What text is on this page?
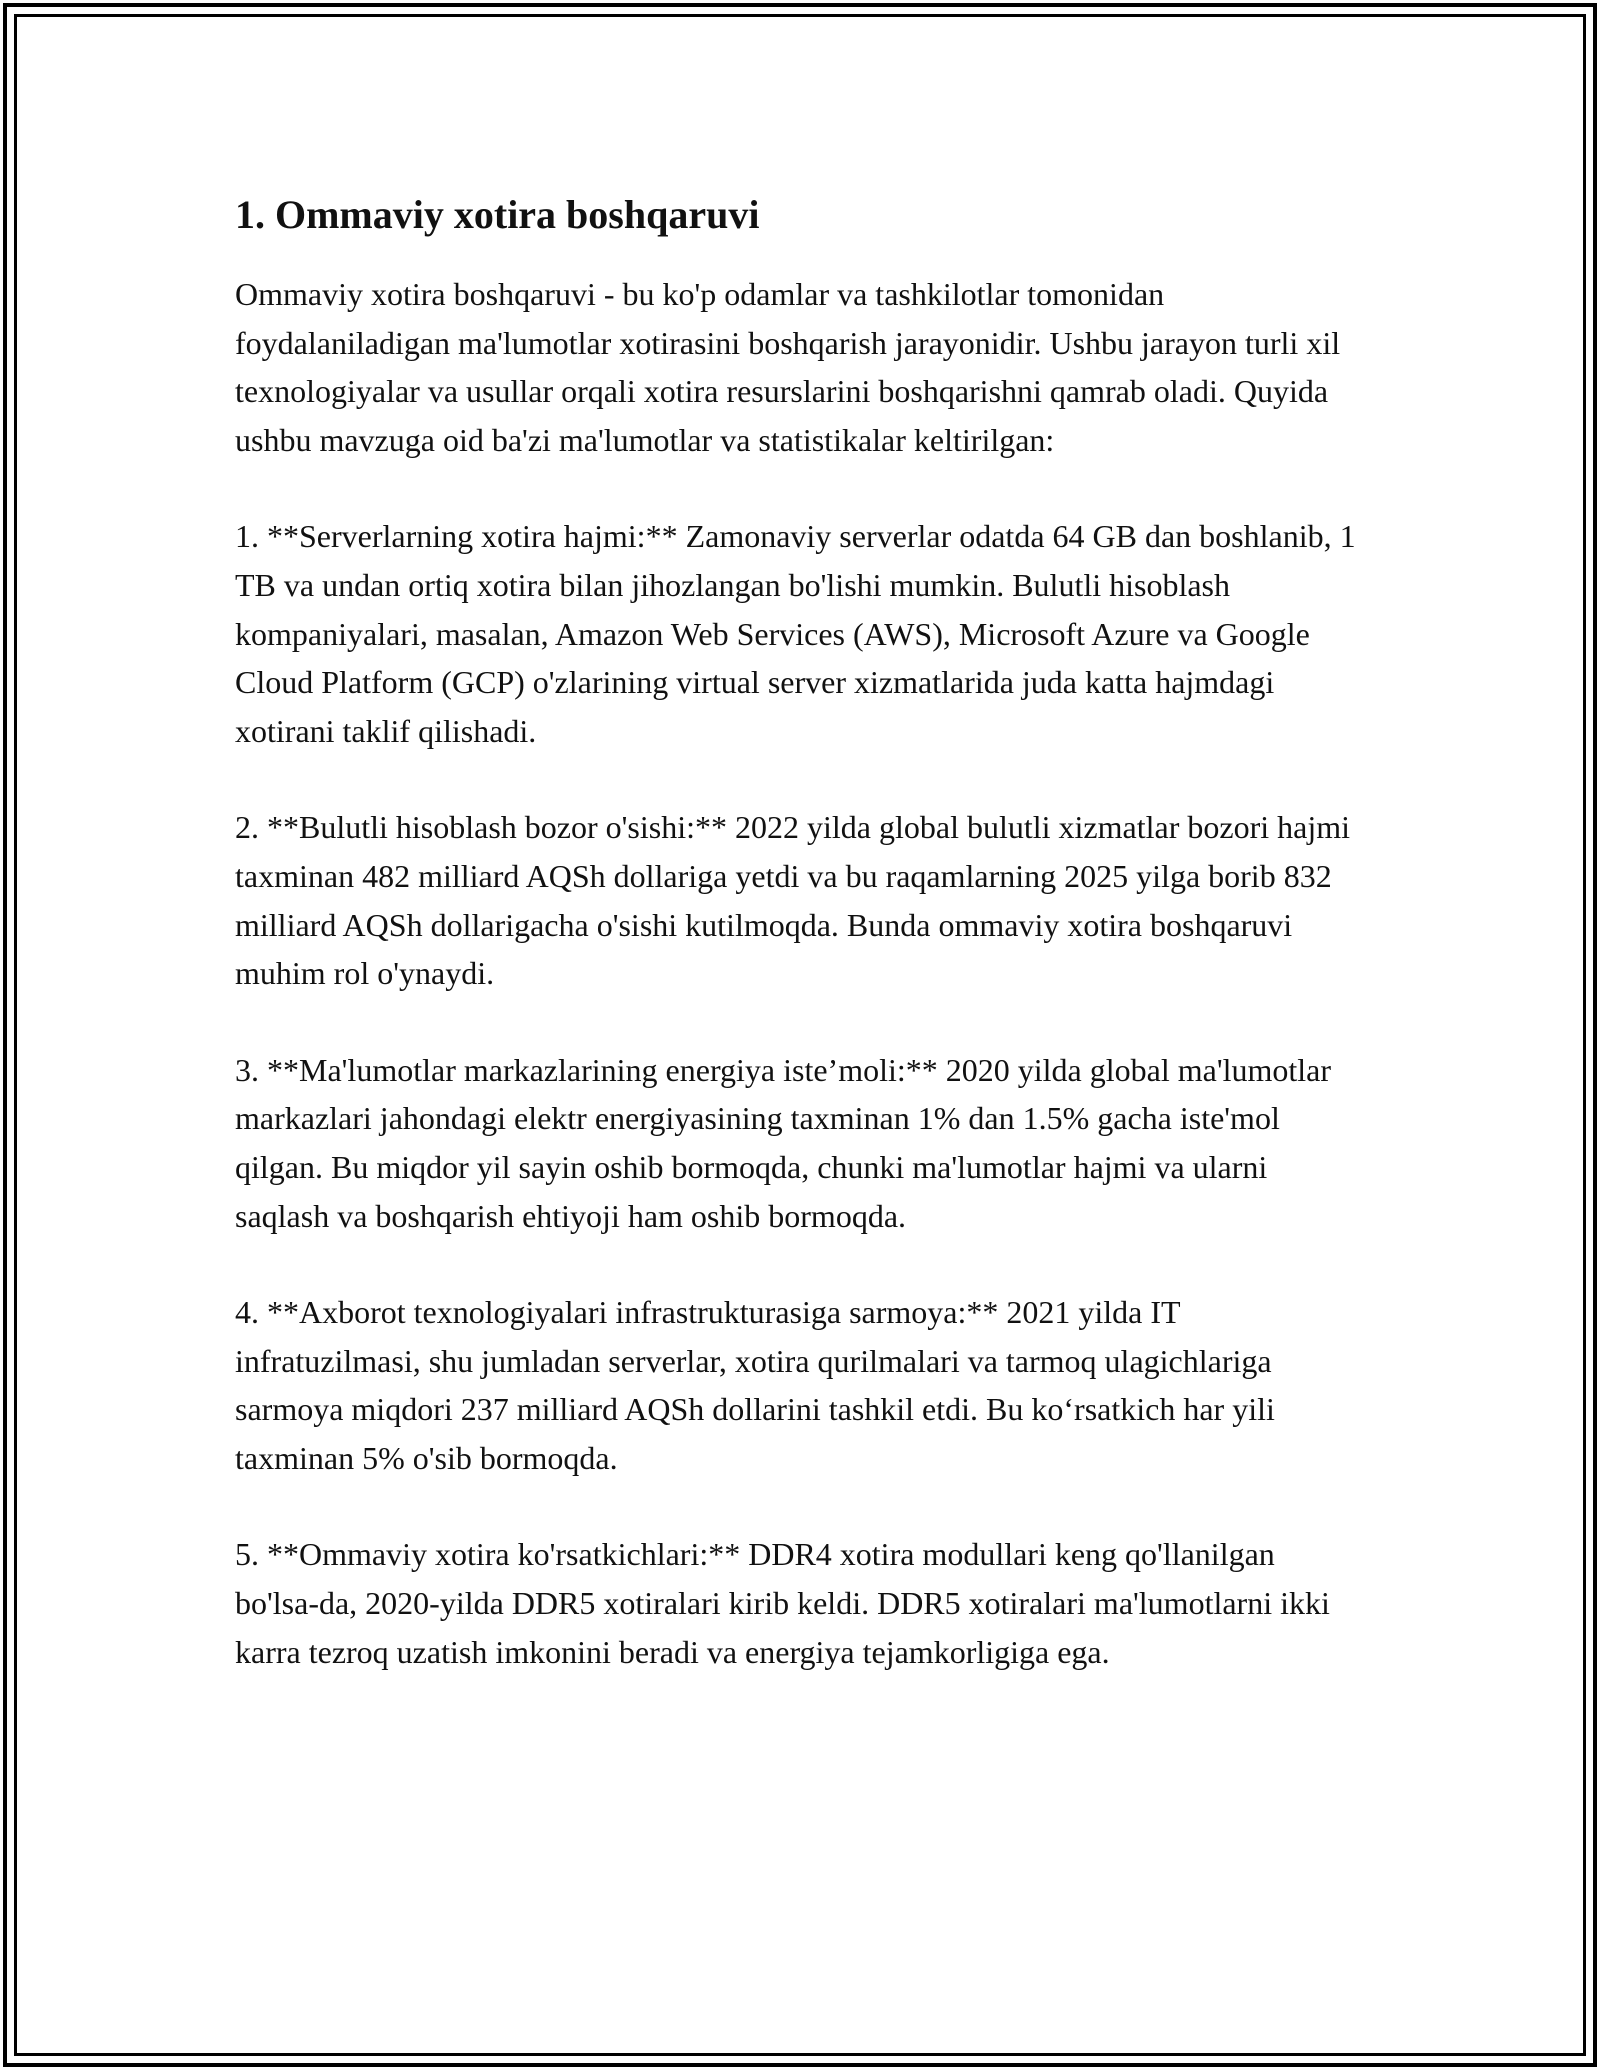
1. Ommaviy xotira boshqaruvi

Ommaviy xotira boshqaruvi - bu ko'p odamlar va tashkilotlar tomonidan foydalaniladigan ma'lumotlar xotirasini boshqarish jarayonidir. Ushbu jarayon turli xil texnologiyalar va usullar orqali xotira resurslarini boshqarishni qamrab oladi. Quyida ushbu mavzuga oid ba'zi ma'lumotlar va statistikalar keltirilgan:

1. **Serverlarning xotira hajmi:** Zamonaviy serverlar odatda 64 GB dan boshlanib, 1 TB va undan ortiq xotira bilan jihozlangan bo'lishi mumkin. Bulutli hisoblash kompaniyalari, masalan, Amazon Web Services (AWS), Microsoft Azure va Google Cloud Platform (GCP) o'zlarining virtual server xizmatlarida juda katta hajmdagi xotirani taklif qilishadi.

2. **Bulutli hisoblash bozor o'sishi:** 2022 yilda global bulutli xizmatlar bozori hajmi taxminan 482 milliard AQSh dollariga yetdi va bu raqamlarning 2025 yilga borib 832 milliard AQSh dollarigacha o'sishi kutilmoqda. Bunda ommaviy xotira boshqaruvi muhim rol o'ynaydi.

3. **Ma'lumotlar markazlarining energiya iste’moli:** 2020 yilda global ma'lumotlar markazlari jahondagi elektr energiyasining taxminan 1% dan 1.5% gacha iste'mol qilgan. Bu miqdor yil sayin oshib bormoqda, chunki ma'lumotlar hajmi va ularni saqlash va boshqarish ehtiyoji ham oshib bormoqda.

4. **Axborot texnologiyalari infrastrukturasiga sarmoya:** 2021 yilda IT infratuzilmasi, shu jumladan serverlar, xotira qurilmalari va tarmoq ulagichlariga sarmoya miqdori 237 milliard AQSh dollarini tashkil etdi. Bu ko‘rsatkich har yili taxminan 5% o'sib bormoqda.

5. **Ommaviy xotira ko'rsatkichlari:** DDR4 xotira modullari keng qo'llanilgan bo'lsa-da, 2020-yilda DDR5 xotiralari kirib keldi. DDR5 xotiralari ma'lumotlarni ikki karra tezroq uzatish imkonini beradi va energiya tejamkorligiga ega.
